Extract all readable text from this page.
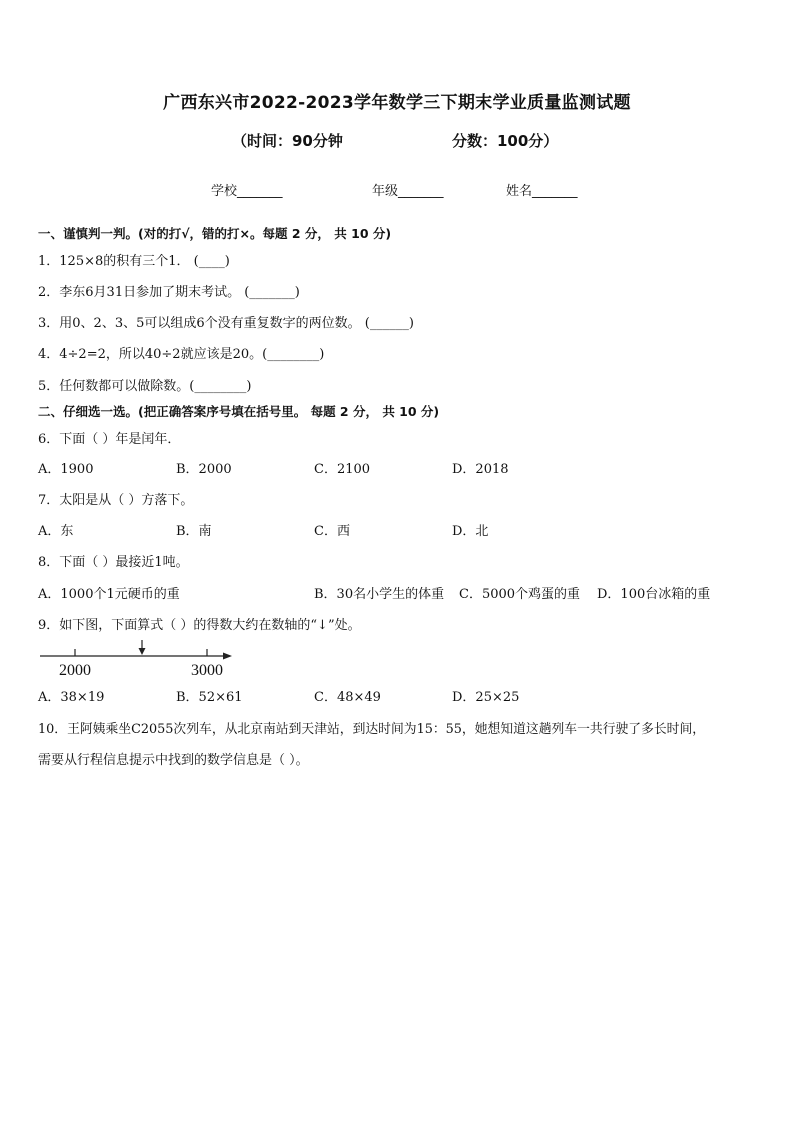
广西东兴市2022-2023学年数学三下期末学业质量监测试题
（时间：90分钟	分数：100分）
学校_______	年级_______	姓名_______
一、谨慎判一判。(对的打√，错的打×。每题 2 分， 共 10 分)
1．125×8的积有三个1． (____)
2．李东6月31日参加了期末考试。 (_______)
3．用0、2、3、5可以组成6个没有重复数字的两位数。 (______)
4．4÷2=2，所以40÷2就应该是20。(________)
5．任何数都可以做除数。(________)
二、仔细选一选。(把正确答案序号填在括号里。 每题 2 分， 共 10 分)
6．下面（ ）年是闰年．
A．1900	B．2000	C．2100	D．2018
7．太阳是从（ ）方落下。
A．东	B．南	C．西	D．北
8．下面（ ）最接近1吨。
A．1000个1元硬币的重	B．30名小学生的体重 C．5000个鸡蛋的重 D．100台冰箱的重
9．如下图，下面算式（ ）的得数大约在数轴的“↓”处。
2000	3000
A．38×19	B．52×61	C．48×49	D．25×25
10．王阿姨乘坐C2055次列车，从北京南站到天津站，到达时间为15：55，她想知道这趟列车一共行驶了多长时间，
需要从行程信息提示中找到的数学信息是（ ）。
